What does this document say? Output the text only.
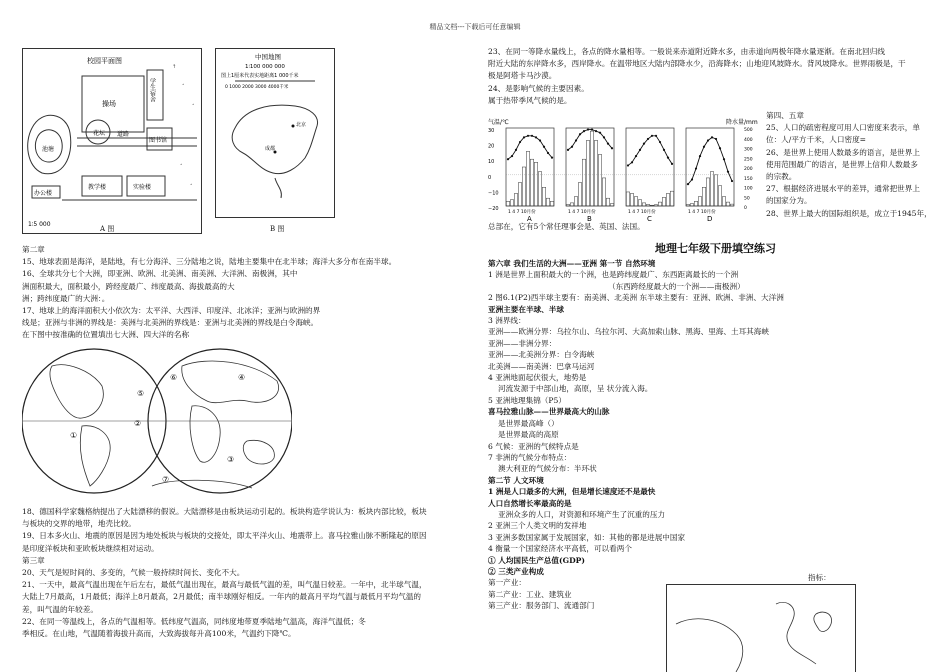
精品文档---下载后可任意编辑
校园平面图
操场
学生宿舍
道路
花坛
图书馆
池塘
办公楼
教学楼	实验楼
1∶5 000
↑
˄
˄
˄
˄
A 图
中国地图
1∶100 000 000
图上1厘米代表实地距离1 000千米
0 1000 2000 3000 4000千米
北京
成都
B 图

第二章

15、地球表面是海洋，是陆地，有七分海洋、三分陆地之说，陆地主要集中在北半球；海洋大多分布在南半球。

16、全球共分七个大洲，即亚洲、欧洲、北美洲、南美洲、大洋洲、南极洲，其中

洲面积最大，面积最小，跨经度最广、纬度最高、海拔最高的大

洲；跨纬度最广的大洲：。

17、地球上的海洋面积大小依次为：太平洋、大西洋、印度洋、北冰洋；亚洲与欧洲的界

线是；亚洲与非洲的界线是：美洲与北美洲的界线是：亚洲与北美洲的界线是白令海峡。

在下图中按准确的位置填出七大洲、四大洋的名称

①
②
③
④
⑤
⑥
⑦

18、德国科学家魏格纳提出了大陆漂移的假说。大陆漂移是由板块运动引起的。板块构造学说认为：板块内部比较，板块

与板块的交界的地带，地壳比较。

19、日本多火山、地震的原因是因为地处板块与板块的交接处，即太平洋火山、地震带上。喜马拉雅山脉不断隆起的原因

是印度洋板块和亚欧板块继续相对运动。

第三章

20、天气是短时间的、多变的，气候一般持续时间长、变化不大。

21、一天中，最高气温出现在午后左右，最低气温出现在，最高与最低气温的差，叫气温日较差。一年中，北半球气温，

大陆上7月最高，1月最低；海洋上8月最高，2月最低；南半球刚好相反。一年内的最高月平均气温与最低月平均气温的

差，叫气温的年较差。

22、在同一等温线上，各点的气温相等。低纬度气温高，同纬度地带夏季陆地气温高，海洋气温低；冬

季相反。在山地，气温随着海拔升高而，大致海拔每升高100米，气温约下降℃。

23、在同一等降水量线上，各点的降水量相等。一般说来赤道附近降水多，由赤道向两极年降水量逐渐。在南北回归线

附近大陆的东岸降水多，西岸降水。在温带地区大陆内部降水少，沿海降水；山地迎风坡降水。背风坡降水。世界雨极是，干

极是阿塔卡马沙漠。

24、是影响气候的主要因素。

属于热带季风气候的是。

气温/℃	降水量/mm
30
20
10
0
−10
−20
500
400
300
250
200
150
100
50
0
1 4 7 10月份
A
1 4 7 10月份
B
1 4 7 10月份
C
1 4 7 10月份
D

第四、五章

25、人口的疏密程度可用人口密度来表示，单

位：人/平方千米，人口密度=

26、是世界上使用人数最多的语言，是世界上

使用范围最广的语言，是世界上信仰人数最多

的宗教。

27、根据经济进展水平的差异，通常把世界上

的国家分为。

28、世界上最大的国际组织是，成立于1945年，

总部在，它有5个常任理事会是、英国、法国。

地理七年级下册填空练习

第六章 我们生活的大洲——亚洲 第一节 自然环境

1 洲是世界上面积最大的一个洲，也是跨纬度最广、东西距离最长的一个洲

（东西跨经度最大的一个洲——南极洲）

2 图6.1(P2)西半球主要有：南美洲、北美洲 东半球主要有：亚洲、欧洲、非洲、大洋洲

亚洲主要在半球、半球

3 洲界线：

亚洲——欧洲分界：乌拉尔山、乌拉尔河、大高加索山脉、黑海、里海、土耳其海峡

亚洲——非洲分界：

亚洲——北美洲分界：白令海峡

北美洲——南美洲：巴拿马运河

4 亚洲地面起伏很大，地势是

河流发源于中部山地，高原，呈 状分流入海。

5 亚洲地理集锦（P5）

喜马拉雅山脉——世界最高大的山脉

是世界最高峰（）

是世界最高的高原

6 气候：亚洲的气候特点是

7 非洲的气候分布特点：

澳大利亚的气候分布：半环状

第二节 人文环境

1 洲是人口最多的大洲，但是增长速度还不是最快

人口自然增长率最高的是

亚洲众多的人口，对资源和环境产生了沉重的压力

2 亚洲三个人类文明的发祥地

3 亚洲多数国家属于发展国家，如：其他的都是进展中国家

4 衡量一个国家经济水平高低，可以看两个

① 人均国民生产总值(GDP)

② 三类产业构成

第一产业：

第二产业：工业、建筑业

第三产业：服务部门、流通部门

指标：
